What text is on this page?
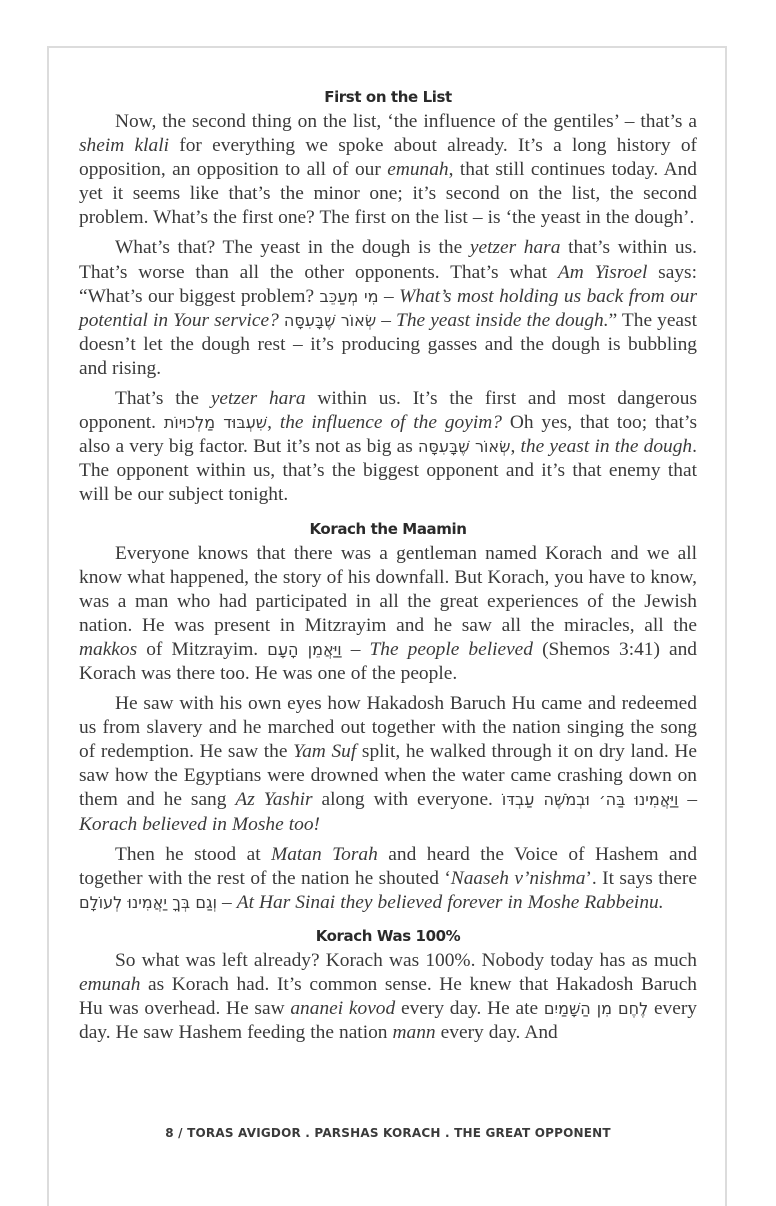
First on the List

Now, the second thing on the list, ‘the influence of the gentiles’ – that’s a sheim klali for everything we spoke about already. It’s a long history of opposition, an opposition to all of our emunah, that still continues today. And yet it seems like that’s the minor one; it’s second on the list, the second problem. What’s the first one? The first on the list – is ‘the yeast in the dough’.

What’s that? The yeast in the dough is the yetzer hara that’s within us. That’s worse than all the other opponents. That’s what Am Yisroel says: “What’s our biggest problem? מִי מְעַכֵּב – What’s most holding us back from our potential in Your service? שְׂאוֹר שֶׁבָּעִסָּה – The yeast inside the dough.” The yeast doesn’t let the dough rest – it’s producing gasses and the dough is bubbling and rising.

That’s the yetzer hara within us. It’s the first and most dangerous opponent. שִׁעְבּוּד מַלְכוּיוֹת, the influence of the goyim? Oh yes, that too; that’s also a very big factor. But it’s not as big as שְׂאוֹר שֶׁבָּעִסָּה, the yeast in the dough. The opponent within us, that’s the biggest opponent and it’s that enemy that will be our subject tonight.

Korach the Maamin

Everyone knows that there was a gentleman named Korach and we all know what happened, the story of his downfall. But Korach, you have to know, was a man who had participated in all the great experiences of the Jewish nation. He was present in Mitzrayim and he saw all the miracles, all the makkos of Mitzrayim. וַיַּאֲמֵן הָעָם – The people believed (Shemos 3:41) and Korach was there too. He was one of the people.

He saw with his own eyes how Hakadosh Baruch Hu came and redeemed us from slavery and he marched out together with the nation singing the song of redemption. He saw the Yam Suf split, he walked through it on dry land. He saw how the Egyptians were drowned when the water came crashing down on them and he sang Az Yashir along with everyone. וַיַּאֲמִינוּ בַּה׳ וּבְמֹשֶׁה עַבְדּוֹ – Korach believed in Moshe too!

Then he stood at Matan Torah and heard the Voice of Hashem and together with the rest of the nation he shouted ‘Naaseh v’nishma’. It says there וְגַם בְּךָ יַאֲמִינוּ לְעוֹלָם – At Har Sinai they believed forever in Moshe Rabbeinu.

Korach Was 100%

So what was left already? Korach was 100%. Nobody today has as much emunah as Korach had. It’s common sense. He knew that Hakadosh Baruch Hu was overhead. He saw ananei kovod every day. He ate לֶחֶם מִן הַשָּׁמַיִם every day. He saw Hashem feeding the nation mann every day. And

8 / TORAS AVIGDOR . PARSHAS KORACH . THE GREAT OPPONENT
